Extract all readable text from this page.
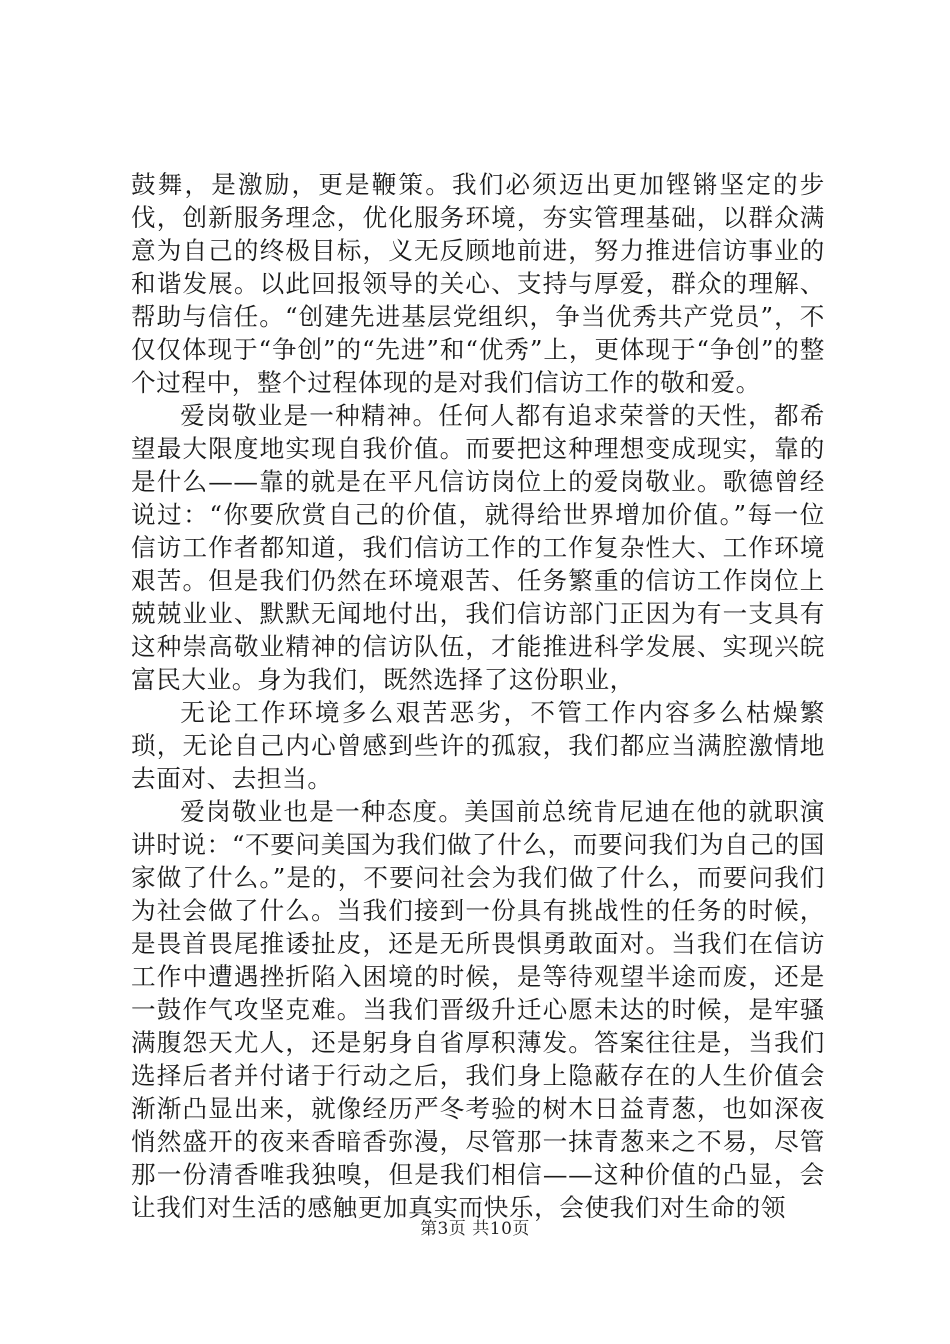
鼓舞，是激励，更是鞭策。我们必须迈出更加铿锵坚定的步伐，创新服务理念，优化服务环境，夯实管理基础，以群众满意为自己的终极目标，义无反顾地前进，努力推进信访事业的和谐发展。以此回报领导的关心、支持与厚爱，群众的理解、帮助与信任。“创建先进基层党组织，争当优秀共产党员”，不仅仅体现于“争创”的“先进”和“优秀”上，更体现于“争创”的整个过程中，整个过程体现的是对我们信访工作的敬和爱。

爱岗敬业是一种精神。任何人都有追求荣誉的天性，都希望最大限度地实现自我价值。而要把这种理想变成现实，靠的是什么——靠的就是在平凡信访岗位上的爱岗敬业。歌德曾经说过：“你要欣赏自己的价值，就得给世界增加价值。”每一位信访工作者都知道，我们信访工作的工作复杂性大、工作环境艰苦。但是我们仍然在环境艰苦、任务繁重的信访工作岗位上兢兢业业、默默无闻地付出，我们信访部门正因为有一支具有这种崇高敬业精神的信访队伍，才能推进科学发展、实现兴皖富民大业。身为我们，既然选择了这份职业，

无论工作环境多么艰苦恶劣，不管工作内容多么枯燥繁琐，无论自己内心曾感到些许的孤寂，我们都应当满腔激情地去面对、去担当。

爱岗敬业也是一种态度。美国前总统肯尼迪在他的就职演讲时说：“不要问美国为我们做了什么，而要问我们为自己的国家做了什么。”是的，不要问社会为我们做了什么，而要问我们为社会做了什么。当我们接到一份具有挑战性的任务的时候，是畏首畏尾推诿扯皮，还是无所畏惧勇敢面对。当我们在信访工作中遭遇挫折陷入困境的时候，是等待观望半途而废，还是一鼓作气攻坚克难。当我们晋级升迁心愿未达的时候，是牢骚满腹怨天尤人，还是躬身自省厚积薄发。答案往往是，当我们选择后者并付诸于行动之后，我们身上隐蔽存在的人生价值会渐渐凸显出来，就像经历严冬考验的树木日益青葱，也如深夜悄然盛开的夜来香暗香弥漫，尽管那一抹青葱来之不易，尽管那一份清香唯我独嗅，但是我们相信——这种价值的凸显，会让我们对生活的感触更加真实而快乐，会使我们对生命的领

第3页 共10页
